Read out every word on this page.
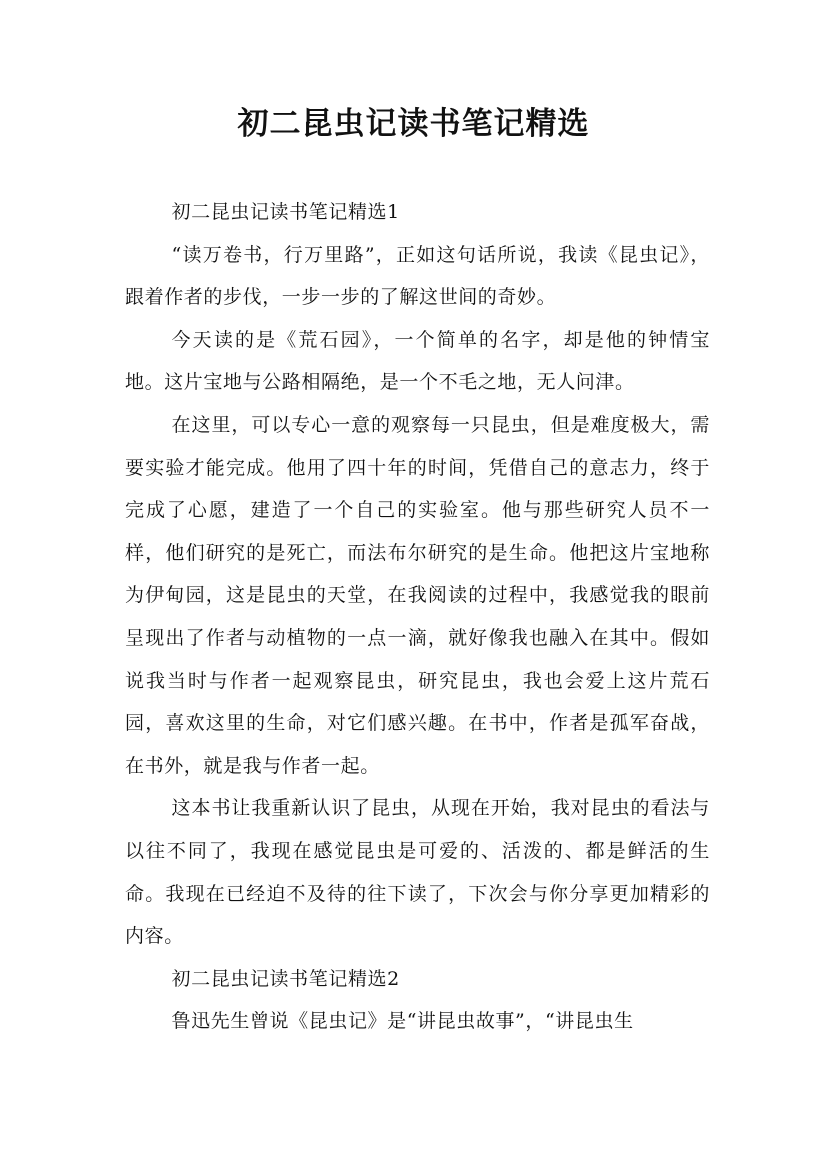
初二昆虫记读书笔记精选

初二昆虫记读书笔记精选1

“读万卷书，行万里路”，正如这句话所说，我读《昆虫记》，跟着作者的步伐，一步一步的了解这世间的奇妙。

今天读的是《荒石园》，一个简单的名字，却是他的钟情宝地。这片宝地与公路相隔绝，是一个不毛之地，无人问津。

在这里，可以专心一意的观察每一只昆虫，但是难度极大，需要实验才能完成。他用了四十年的时间，凭借自己的意志力，终于完成了心愿，建造了一个自己的实验室。他与那些研究人员不一样，他们研究的是死亡，而法布尔研究的是生命。他把这片宝地称为伊甸园，这是昆虫的天堂，在我阅读的过程中，我感觉我的眼前呈现出了作者与动植物的一点一滴，就好像我也融入在其中。假如说我当时与作者一起观察昆虫，研究昆虫，我也会爱上这片荒石园，喜欢这里的生命，对它们感兴趣。在书中，作者是孤军奋战，在书外，就是我与作者一起。

这本书让我重新认识了昆虫，从现在开始，我对昆虫的看法与以往不同了，我现在感觉昆虫是可爱的、活泼的、都是鲜活的生命。我现在已经迫不及待的往下读了，下次会与你分享更加精彩的内容。

初二昆虫记读书笔记精选2

鲁迅先生曾说《昆虫记》是“讲昆虫故事”，“讲昆虫生
